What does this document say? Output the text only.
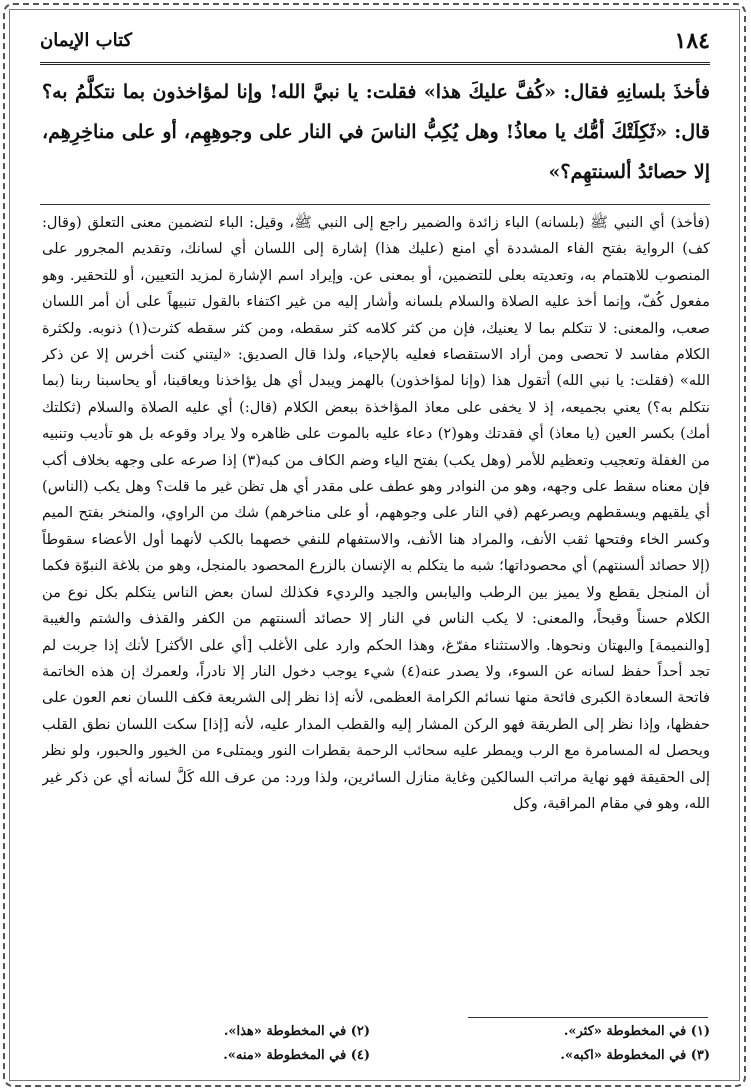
١٨٤
كتاب الإيمان
فأخذَ بلسانِهِ فقال: «كُفَّ عليكَ هذا» فقلت: يا نبيَّ الله! وإنا لمؤاخذون بما نتكلَّمُ به؟ قال: «ثَكِلَتْكَ أمُّك يا معاذُ! وهل يُكِبُّ الناسَ في النار على وجوهِهِم، أو على مناخِرِهِم، إلا حصائدُ ألسنتهِم؟»
(فأخذ) أي النبي ﷺ (بلسانه) الباء زائدة والضمير راجع إلى النبي ﷺ، وقيل: الباء لتضمين معنى التعلق (وقال: كف) الرواية بفتح الفاء المشددة أي امنع (عليك هذا) إشارة إلى اللسان أي لسانك، وتقديم المجرور على المنصوب للاهتمام به، وتعديته بعلى للتضمين، أو بمعنى عن. وإيراد اسم الإشارة لمزيد التعيين، أو للتحقير. وهو مفعول كُفّ، وإنما أخذ عليه الصلاة والسلام بلسانه وأشار إليه من غير اكتفاء بالقول تنبيهاً على أن أمر اللسان صعب، والمعنى: لا تتكلم بما لا يعنيك، فإن من كثر كلامه كثر سقطه، ومن كثر سقطه كثرت(١) ذنوبه. ولكثرة الكلام مفاسد لا تحصى ومن أراد الاستقصاء فعليه بالإحياء، ولذا قال الصديق: «ليتني كنت أخرس إلا عن ذكر الله» (فقلت: يا نبي الله) أتقول هذا (وإنا لمؤاخذون) بالهمز ويبدل أي هل يؤاخذنا ويعاقبنا، أو يحاسبنا ربنا (بما نتكلم به؟) يعني بجميعه، إذ لا يخفى على معاذ المؤاخذة ببعض الكلام (قال:) أي عليه الصلاة والسلام (ثكلتك أمك) بكسر العين (يا معاذ) أي فقدتك وهو(٢) دعاء عليه بالموت على ظاهره ولا يراد وقوعه بل هو تأديب وتنبيه من الغفلة وتعجيب وتعظيم للأمر (وهل يكب) بفتح الياء وضم الكاف من كبه(٣) إذا صرعه على وجهه بخلاف أكب فإن معناه سقط على وجهه، وهو من النوادر وهو عطف على مقدر أي هل تظن غير ما قلت؟ وهل يكب (الناس) أي يلقيهم ويسقطهم ويصرعهم (في النار على وجوههم، أو على مناخرهم) شك من الراوي، والمنخر بفتح الميم وكسر الخاء وفتحها ثقب الأنف، والمراد هنا الأنف، والاستفهام للنفي خصهما بالكب لأنهما أول الأعضاء سقوطاً (إلا حصائد ألسنتهم) أي محصوداتها؛ شبه ما يتكلم به الإنسان بالزرع المحصود بالمنجل، وهو من بلاغة النبوّة فكما أن المنجل يقطع ولا يميز بين الرطب واليابس والجيد والرديء فكذلك لسان بعض الناس يتكلم بكل نوع من الكلام حسناً وقبحاً، والمعنى: لا يكب الناس في النار إلا حصائد ألسنتهم من الكفر والقذف والشتم والغيبة [والنميمة] والبهتان ونحوها. والاستثناء مفرّغ، وهذا الحكم وارد على الأغلب [أي على الأكثر] لأنك إذا جربت لم تجد أحداً حفظ لسانه عن السوء، ولا يصدر عنه(٤) شيء يوجب دخول النار إلا نادراً، ولعمرك إن هذه الخاتمة فاتحة السعادة الكبرى فائحة منها نسائم الكرامة العظمى، لأنه إذا نظر إلى الشريعة فكف اللسان نعم العون على حفظها، وإذا نظر إلى الطريقة فهو الركن المشار إليه والقطب المدار عليه، لأنه [إذا] سكت اللسان نطق القلب ويحصل له المسامرة مع الرب ويمطر عليه سحائب الرحمة بقطرات النور ويمتلىء من الخيور والحبور، ولو نظر إلى الحقيقة فهو نهاية مراتب السالكين وغاية منازل السائرين، ولذا ورد: من عرف الله كَلَّ لسانه أي عن ذكر غير الله، وهو في مقام المراقبة، وكل
(١) في المخطوطة «كثر».
(٢) في المخطوطة «هذا».
(٣) في المخطوطة «اكبه».
(٤) في المخطوطة «منه».
